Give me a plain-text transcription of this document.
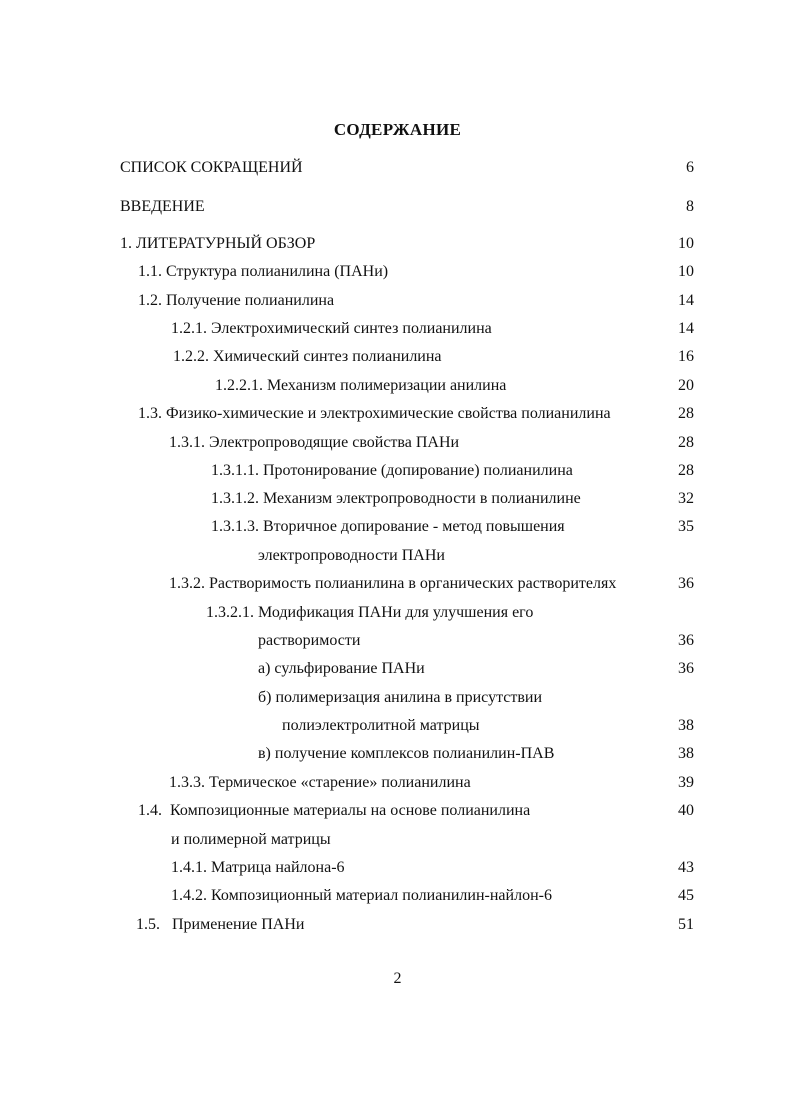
СОДЕРЖАНИЕ
СПИСОК СОКРАЩЕНИЙ	6
ВВЕДЕНИЕ	8
1. ЛИТЕРАТУРНЫЙ ОБЗОР	10
1.1. Структура полианилина (ПАНи)	10
1.2. Получение полианилина	14
1.2.1. Электрохимический синтез полианилина	14
1.2.2. Химический синтез полианилина	16
1.2.2.1. Механизм полимеризации анилина	20
1.3. Физико-химические и электрохимические свойства полианилина	28
1.3.1. Электропроводящие свойства ПАНи	28
1.3.1.1. Протонирование (допирование) полианилина	28
1.3.1.2. Механизм электропроводности в полианилине	32
1.3.1.3. Вторичное допирование - метод повышения	35
электропроводности ПАНи
1.3.2. Растворимость полианилина в органических растворителях	36
1.3.2.1. Модификация ПАНи для улучшения его
растворимости	36
а) сульфирование ПАНи	36
б) полимеризация анилина в присутствии
полиэлектролитной матрицы	38
в) получение комплексов полианилин-ПАВ	38
1.3.3. Термическое «старение» полианилина	39
1.4.  Композиционные материалы на основе полианилина	40
и полимерной матрицы
1.4.1. Матрица найлона-6	43
1.4.2. Композиционный материал полианилин-найлон-6	45
1.5.   Применение ПАНи	51
2
